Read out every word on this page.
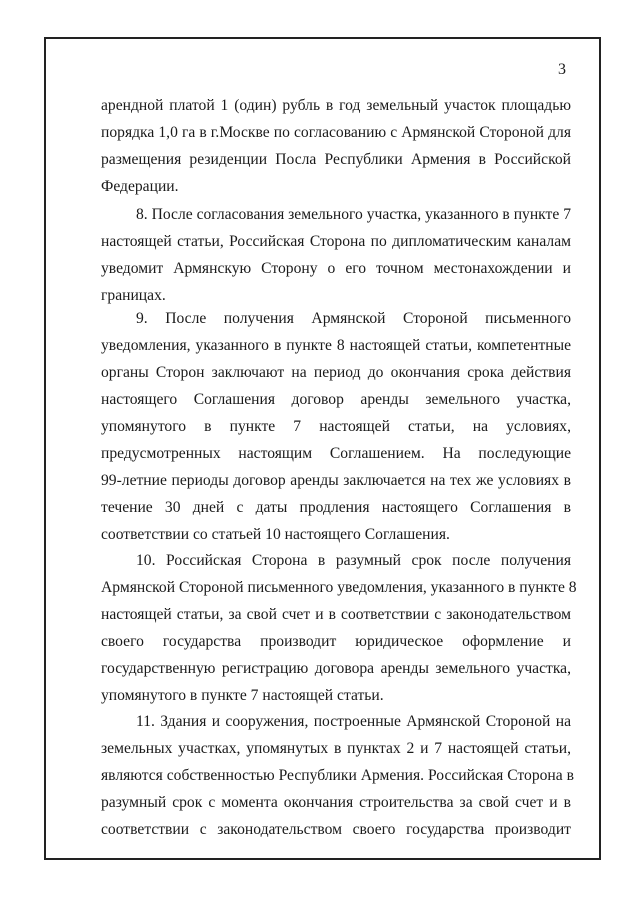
3
арендной платой 1 (один) рубль в год земельный участок площадью
порядка 1,0 га в г.Москве по согласованию с Армянской Стороной для
размещения резиденции Посла Республики Армения в Российской
Федерации.
8. После согласования земельного участка, указанного в пункте 7
настоящей статьи, Российская Сторона по дипломатическим каналам
уведомит Армянскую Сторону о его точном местонахождении и
границах.
9. После получения Армянской Стороной письменного
уведомления, указанного в пункте 8 настоящей статьи, компетентные
органы Сторон заключают на период до окончания срока действия
настоящего Соглашения договор аренды земельного участка,
упомянутого в пункте 7 настоящей статьи, на условиях,
предусмотренных настоящим Соглашением. На последующие
99-летние периоды договор аренды заключается на тех же условиях в
течение 30 дней с даты продления настоящего Соглашения в
соответствии со статьей 10 настоящего Соглашения.
10. Российская Сторона в разумный срок после получения
Армянской Стороной письменного уведомления, указанного в пункте 8
настоящей статьи, за свой счет и в соответствии с законодательством
своего государства производит юридическое оформление и
государственную регистрацию договора аренды земельного участка,
упомянутого в пункте 7 настоящей статьи.
11. Здания и сооружения, построенные Армянской Стороной на
земельных участках, упомянутых в пунктах 2 и 7 настоящей статьи,
являются собственностью Республики Армения. Российская Сторона в
разумный срок с момента окончания строительства за свой счет и в
соответствии с законодательством своего государства производит
